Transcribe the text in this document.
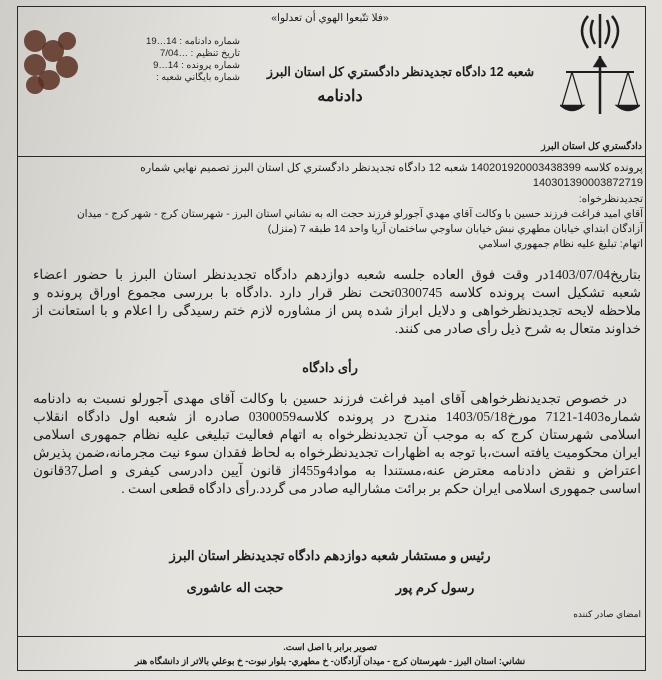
«فلا تتّبعوا الهوي أن تعدلوا»
شماره دادنامه : 14…19
تاريخ تنظيم : …7/04
شماره پرونده : 14…9
شماره بايگاني شعبه :	شعبه 12 دادگاه تجديدنظر دادگستري كل استان البرز
دادنامه
دادگستري كل استان البرز
پرونده كلاسه 140201920003438399 شعبه 12 دادگاه تجديدنظر دادگستري كل استان البرز تصميم نهايي شماره
140301390003872719
تجديدنظرخواه:
آقاي اميد فراغت فرزند حسين با وكالت آقاي مهدي آجورلو فرزند حجت اله به نشاني استان البرز - شهرستان كرج - شهر كرج - ميدان
آزادگان ابتداي خيابان مطهري نبش خيابان ساوجي ساختمان آريا واحد 14 طبقه 7 (منزل)
اتهام: تبليغ عليه نظام جمهوري اسلامي
بتاریخ1403/07/04در وقت فوق العاده جلسه شعبه دوازدهم دادگاه تجدیدنظر استان البرز با حضور اعضاء
شعبه تشکیل است پرونده کلاسه 0300745تحت نظر قرار دارد .دادگاه با بررسی مجموع اوراق پرونده و
ملاحظه لایحه تجدیدنظرخواهی و دلایل ابراز شده پس از مشاوره لازم ختم رسیدگی را اعلام و با استعانت از
خداوند متعال به شرح ذیل رأی صادر می کنند.
رأی دادگاه
در خصوص تجدیدنظرخواهی آقای امید فراغت فرزند حسین با وکالت آقای مهدی آجورلو نسبت به دادنامه
شماره1403-7121 مورخ1403/05/18 مندرج در پرونده کلاسه0300059 صادره از شعبه اول دادگاه انقلاب
اسلامی شهرستان کرج که به موجب آن تجدیدنظرخواه به اتهام فعالیت تبلیغی علیه نظام جمهوری اسلامی
ایران محکومیت یافته است،با توجه به اظهارات تجدیدنظرخواه به لحاظ فقدان سوء نیت مجرمانه،ضمن پذیرش
اعتراض و نقض دادنامه معترض عنه،مستندا به مواد4و455از قانون آیین دادرسی کیفری و اصل37قانون
اساسی جمهوری اسلامی ایران حکم بر برائت مشارالیه صادر می گردد.رأی دادگاه قطعی است .
رئیس و مستشار شعبه دوازدهم دادگاه تجدیدنظر استان البرز
رسول کرم پور
حجت اله عاشوری
امضاي صادر كننده
تصوير برابر با اصل است.
نشاني: استان البرز - شهرستان كرج - ميدان آزادگان- خ مطهري- بلوار نبوت- خ بوعلي بالاتر از دانشگاه هنر
